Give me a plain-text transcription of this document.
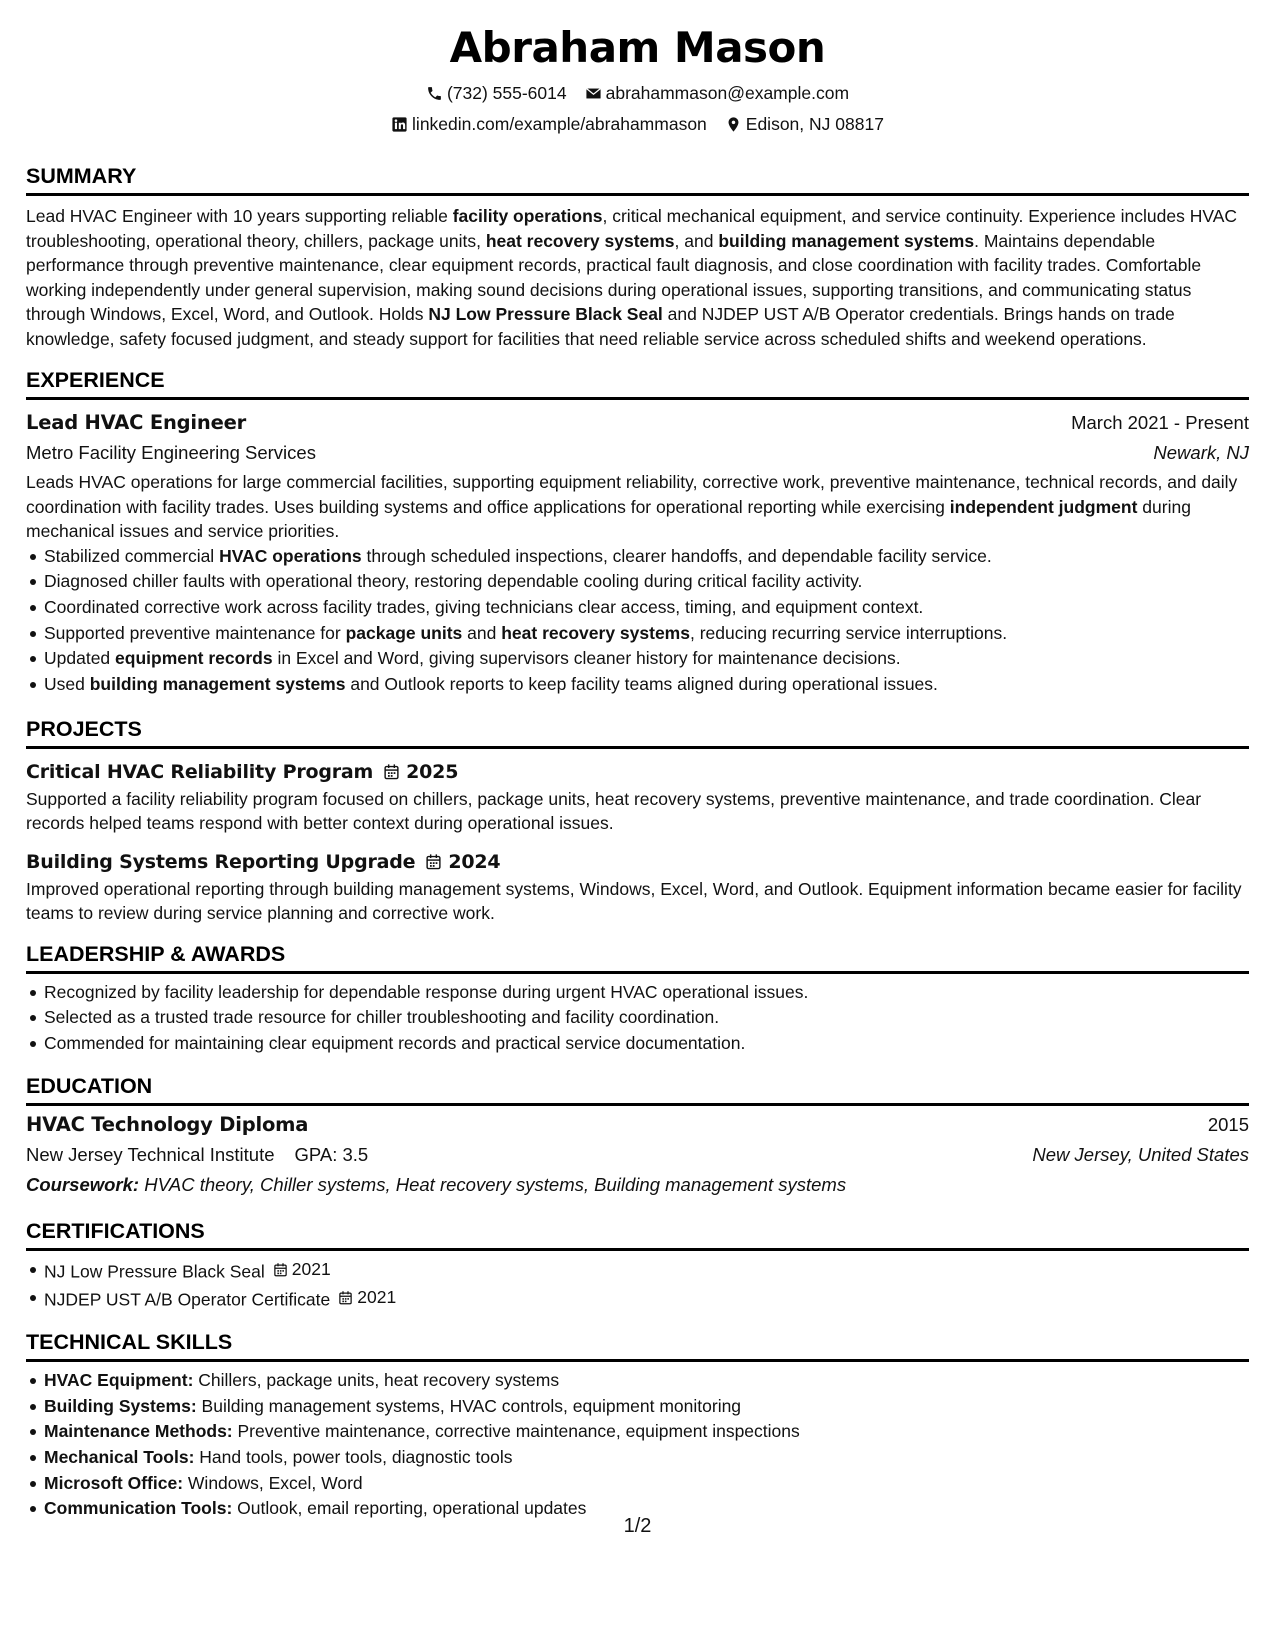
Abraham Mason
(732) 555-6014 abrahammason@example.com
linkedin.com/example/abrahammason Edison, NJ 08817
SUMMARY
Lead HVAC Engineer with 10 years supporting reliable facility operations, critical mechanical equipment, and service continuity. Experience includes HVAC troubleshooting, operational theory, chillers, package units, heat recovery systems, and building management systems. Maintains dependable performance through preventive maintenance, clear equipment records, practical fault diagnosis, and close coordination with facility trades. Comfortable working independently under general supervision, making sound decisions during operational issues, supporting transitions, and communicating status through Windows, Excel, Word, and Outlook. Holds NJ Low Pressure Black Seal and NJDEP UST A/B Operator credentials. Brings hands on trade knowledge, safety focused judgment, and steady support for facilities that need reliable service across scheduled shifts and weekend operations.
EXPERIENCE
Lead HVAC Engineer	March 2021 - Present
Metro Facility Engineering Services	Newark, NJ
Leads HVAC operations for large commercial facilities, supporting equipment reliability, corrective work, preventive maintenance, technical records, and daily coordination with facility trades. Uses building systems and office applications for operational reporting while exercising independent judgment during mechanical issues and service priorities.
Stabilized commercial HVAC operations through scheduled inspections, clearer handoffs, and dependable facility service.
Diagnosed chiller faults with operational theory, restoring dependable cooling during critical facility activity.
Coordinated corrective work across facility trades, giving technicians clear access, timing, and equipment context.
Supported preventive maintenance for package units and heat recovery systems, reducing recurring service interruptions.
Updated equipment records in Excel and Word, giving supervisors cleaner history for maintenance decisions.
Used building management systems and Outlook reports to keep facility teams aligned during operational issues.
PROJECTS
Critical HVAC Reliability Program 2025
Supported a facility reliability program focused on chillers, package units, heat recovery systems, preventive maintenance, and trade coordination. Clear records helped teams respond with better context during operational issues.
Building Systems Reporting Upgrade 2024
Improved operational reporting through building management systems, Windows, Excel, Word, and Outlook. Equipment information became easier for facility teams to review during service planning and corrective work.
LEADERSHIP & AWARDS
Recognized by facility leadership for dependable response during urgent HVAC operational issues.
Selected as a trusted trade resource for chiller troubleshooting and facility coordination.
Commended for maintaining clear equipment records and practical service documentation.
EDUCATION
HVAC Technology Diploma	2015
New Jersey Technical Institute GPA: 3.5	New Jersey, United States
Coursework: HVAC theory, Chiller systems, Heat recovery systems, Building management systems
CERTIFICATIONS
NJ Low Pressure Black Seal 2021
NJDEP UST A/B Operator Certificate 2021
TECHNICAL SKILLS
HVAC Equipment: Chillers, package units, heat recovery systems
Building Systems: Building management systems, HVAC controls, equipment monitoring
Maintenance Methods: Preventive maintenance, corrective maintenance, equipment inspections
Mechanical Tools: Hand tools, power tools, diagnostic tools
Microsoft Office: Windows, Excel, Word
Communication Tools: Outlook, email reporting, operational updates
1/2
